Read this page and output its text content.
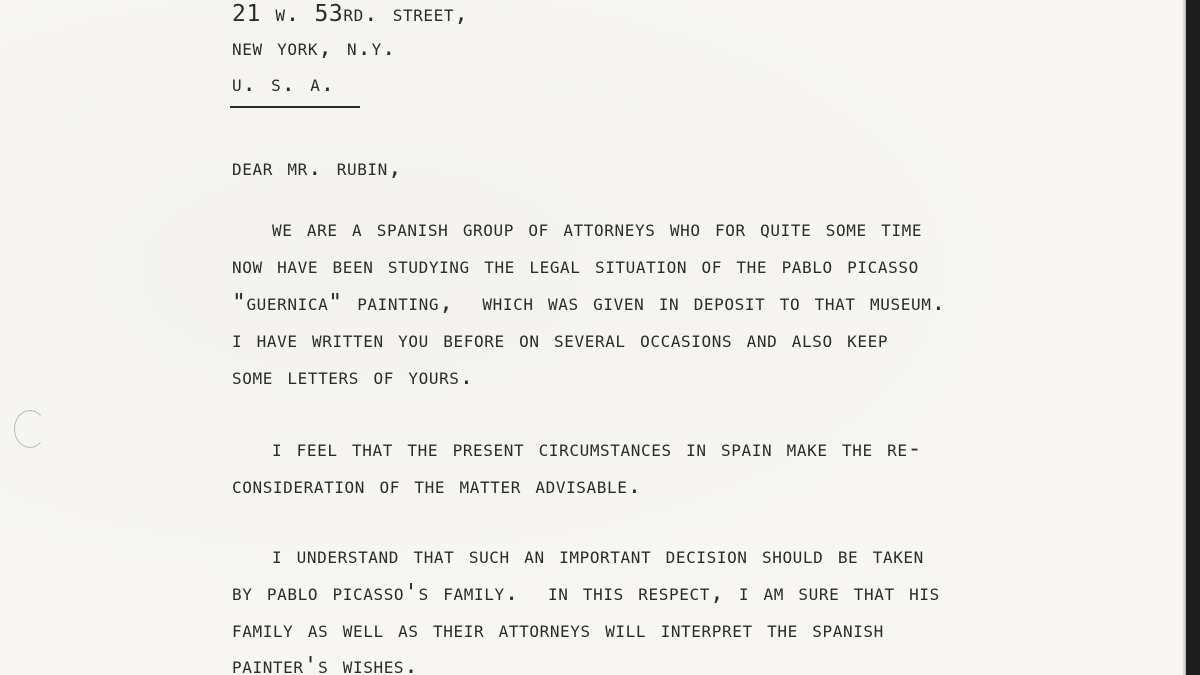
21 w. 53rd. street,
new york, n.y.
u. s. a.
dear mr. rubin,
we are a spanish group of attorneys who for quite some time
now have been studying the legal situation of the pablo picasso
"guernica" painting,  which was given in deposit to that museum.
i have written you before on several occasions and also keep
some letters of yours.
i feel that the present circumstances in spain make the re-
consideration of the matter advisable.
i understand that such an important decision should be taken
by pablo picasso's family.  in this respect, i am sure that his
family as well as their attorneys will interpret the spanish
painter's wishes.
